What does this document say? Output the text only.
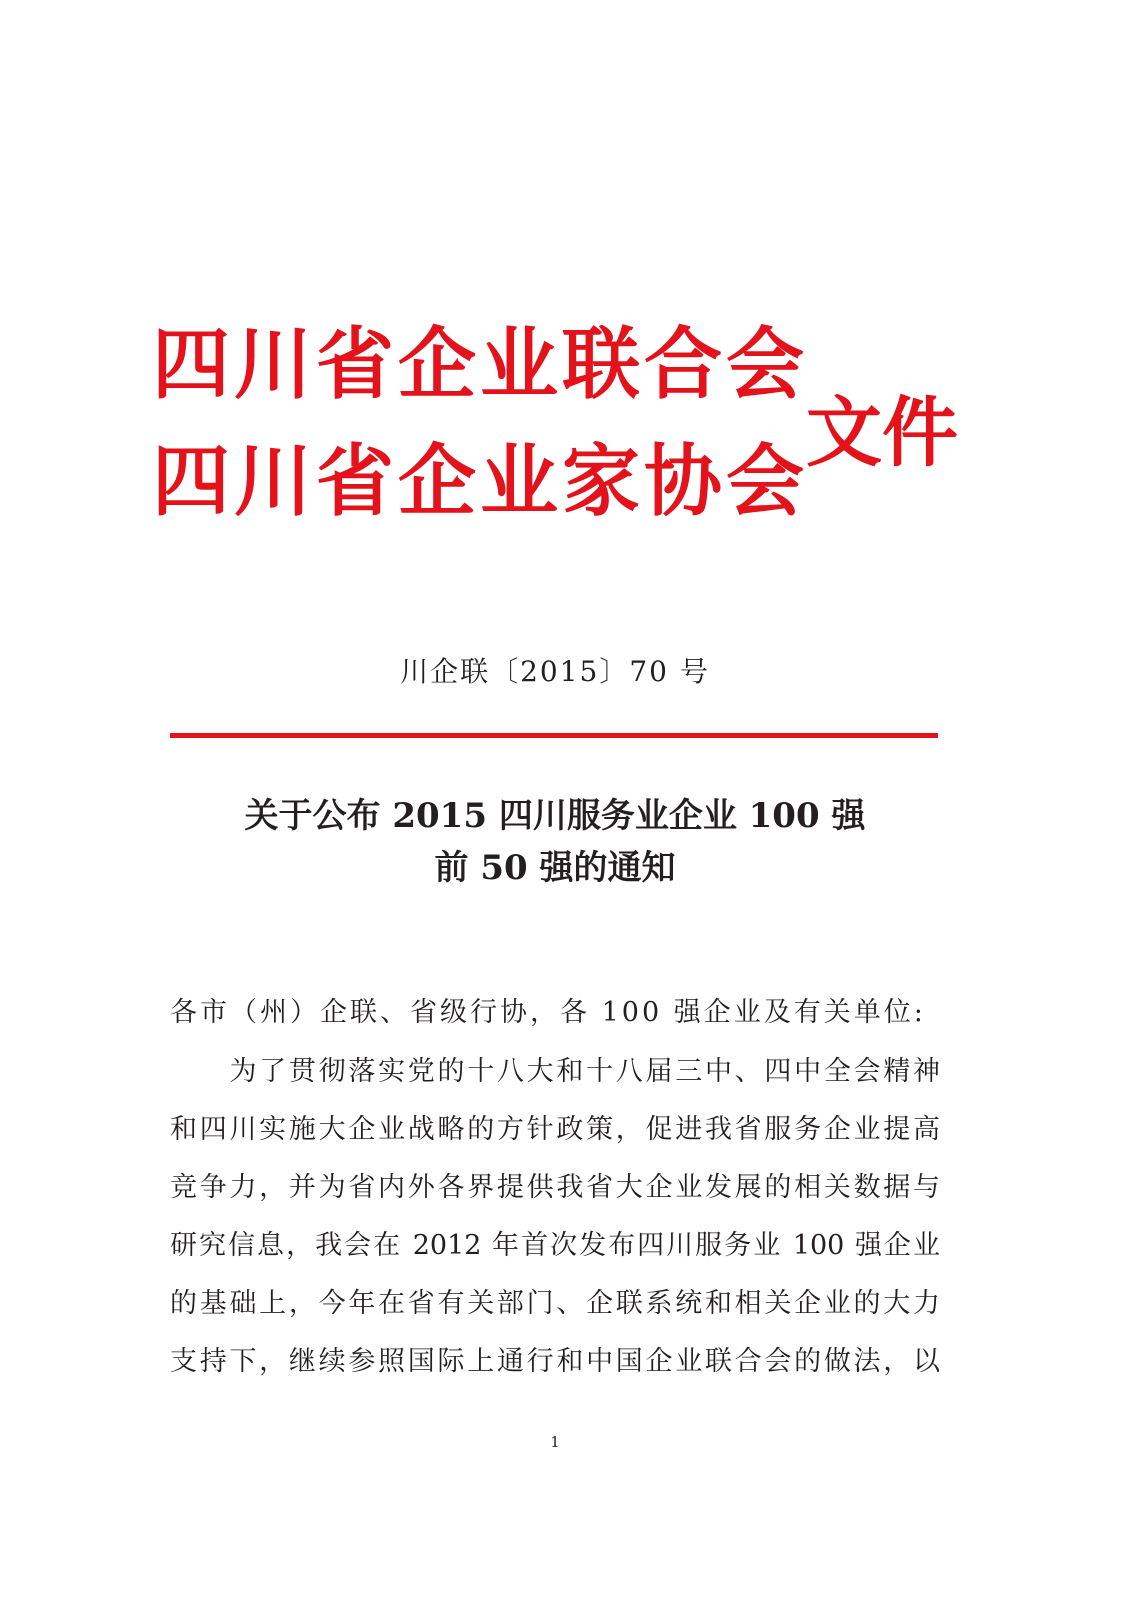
四川省企业联合会
四川省企业家协会
文件
川企联〔2015〕70 号
关于公布 2015 四川服务业企业 100 强
前 50 强的通知
各市（州）企联、省级行协，各 100 强企业及有关单位:
　　为了贯彻落实党的十八大和十八届三中、四中全会精神
和四川实施大企业战略的方针政策，促进我省服务企业提高
竞争力，并为省内外各界提供我省大企业发展的相关数据与
研究信息，我会在 2012 年首次发布四川服务业 100 强企业
的基础上，今年在省有关部门、企联系统和相关企业的大力
支持下，继续参照国际上通行和中国企业联合会的做法，以
1
